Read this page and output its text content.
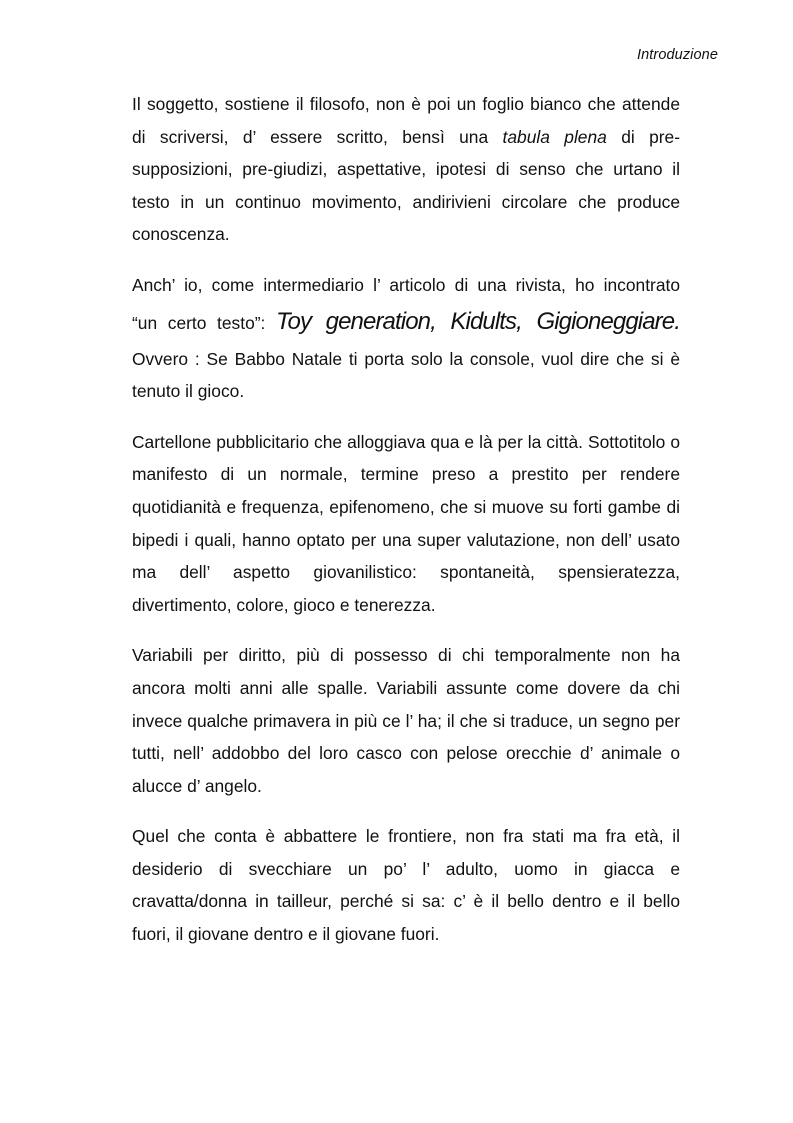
Introduzione

Il soggetto, sostiene il filosofo, non è poi un foglio bianco che attende di scriversi, d’ essere scritto, bensì una tabula plena di pre-supposizioni, pre-giudizi, aspettative, ipotesi di senso che urtano il testo in un continuo movimento, andirivieni circolare che produce conoscenza.

Anch’ io, come intermediario l’ articolo di una rivista, ho incontrato
“un certo testo”: Toy generation, Kidults, Gigioneggiare.
Ovvero : Se Babbo Natale ti porta solo la console, vuol dire che si è tenuto il gioco.

Cartellone pubblicitario che alloggiava qua e là per la città. Sottotitolo o manifesto di un normale, termine preso a prestito per rendere quotidianità e frequenza, epifenomeno, che si muove su forti gambe di bipedi i quali, hanno optato per una super valutazione, non dell’ usato ma dell’ aspetto giovanilistico: spontaneità, spensieratezza, divertimento, colore, gioco e tenerezza.

Variabili per diritto, più di possesso di chi temporalmente non ha ancora molti anni alle spalle. Variabili assunte come dovere da chi invece qualche primavera in più ce l’ ha; il che si traduce, un segno per tutti, nell’ addobbo del loro casco con pelose orecchie d’ animale o alucce d’ angelo.

Quel che conta è abbattere le frontiere, non fra stati ma fra età, il desiderio di svecchiare un po’ l’ adulto, uomo in giacca e cravatta/donna in tailleur, perché si sa: c’ è il bello dentro e il bello fuori, il giovane dentro e il giovane fuori.
